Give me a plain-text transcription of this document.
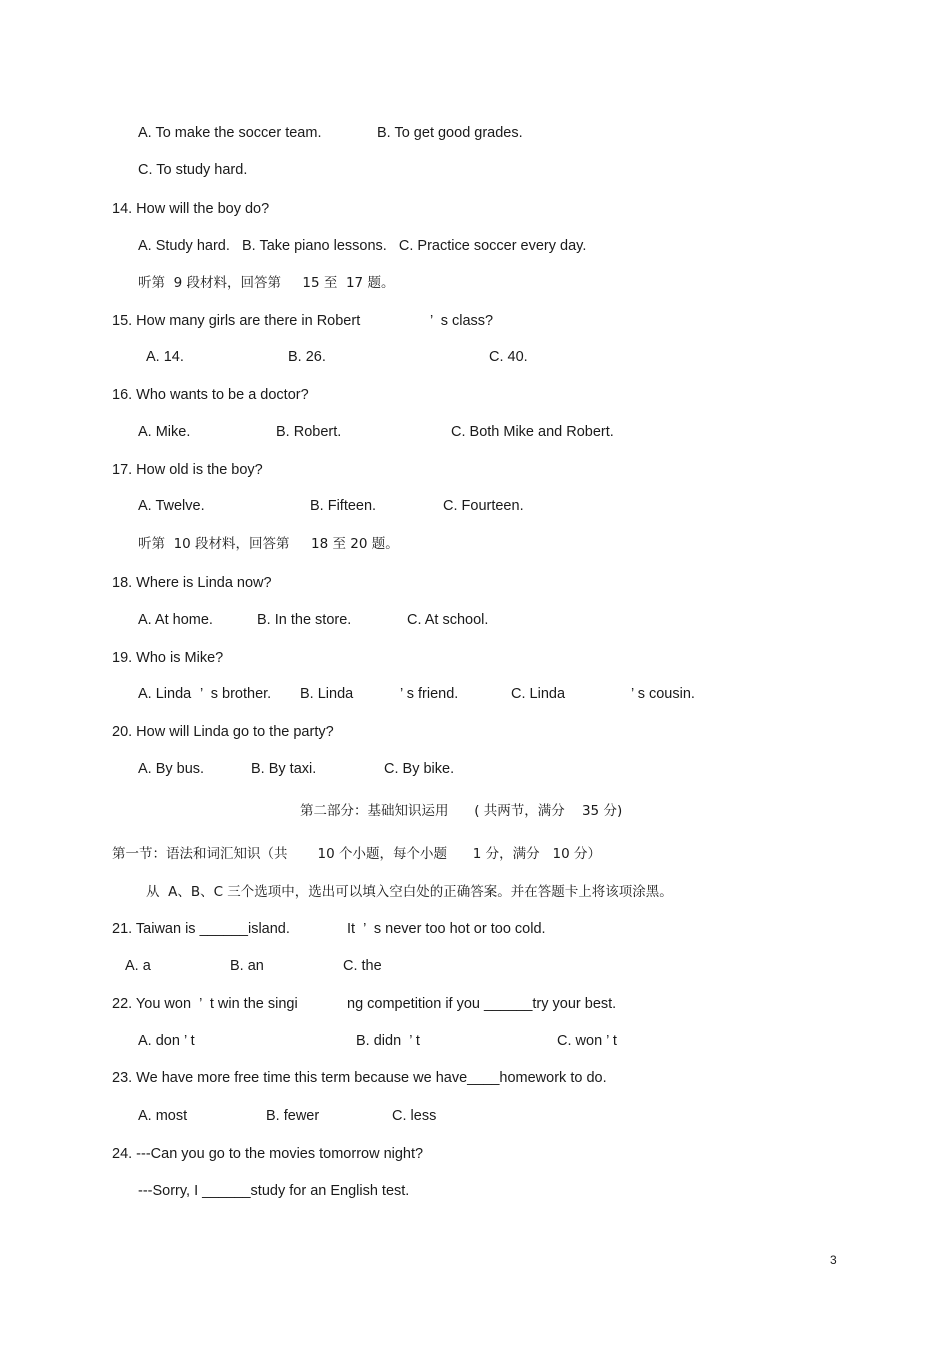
A. To make the soccer team.	B. To get good grades.
C. To study hard.
14. How will the boy do?
A. Study hard.   B. Take piano lessons.   C. Practice soccer every day.
听第  9 段材料，回答第     15 至  17 题。
15. How many girls are there in Robert	’  s class?
A. 14.	B. 26.	C. 40.
16. Who wants to be a doctor?
A. Mike.	B. Robert.	C. Both Mike and Robert.
17. How old is the boy?
A. Twelve.	B. Fifteen.	C. Fourteen.
听第  10 段材料，回答第     18 至 20 题。
18. Where is Linda now?
A. At home.	B. In the store.	C. At school.
19. Who is Mike?
A. Linda ’  s brother. B. Linda	’ s friend.	C. Linda	’ s cousin.
20. How will Linda go to the party?
A. By bus.	B. By taxi.	C. By bike.
第二部分：基础知识运用      ( 共两节，满分    35 分)
第一节：语法和词汇知识（共       10 个小题，每个小题      1 分，满分   10 分）
从  A、B、C 三个选项中，选出可以填入空白处的正确答案。并在答题卡上将该项涂黑。
21. Taiwan is ______island.	It  ’  s never too hot or too cold.
A. a	B. an	C. the
22. You won  ’  t win the singi	ng competition if you ______try your best.
A. don ’ t	B. didn  ’ t	C. won ’ t
23. We have more free time this term because we have____homework to do.
A. most	B. fewer	C. less
24. ---Can you go to the movies tomorrow night?
---Sorry, I ______study for an English test.
3
